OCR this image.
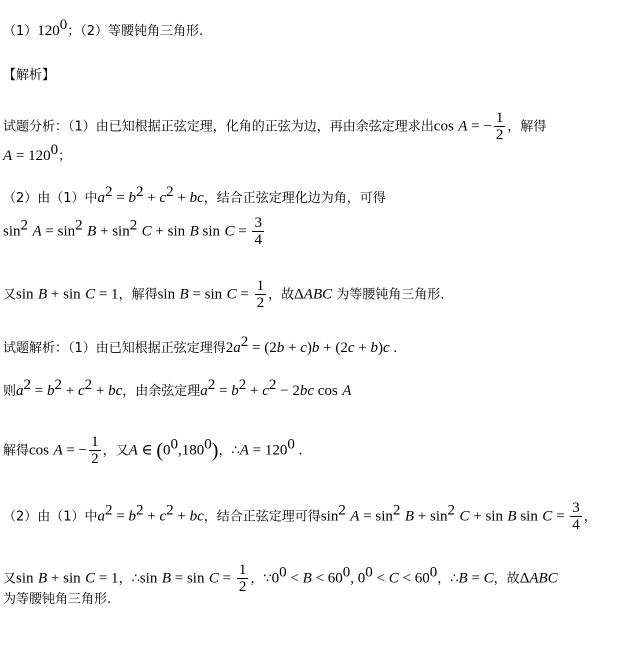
$(1)120^0$；（2）等腰钝角三角形.
【解析】
试题分析：（1）由已知根据正弦定理，化角的正弦为边，再由余弦定理求出cos A = − $\frac{1}{2}$ ，解得
$A = 120^0$；
（2）由（1）中$a^2 = b^2 + c^2$ + bc，结合正弦定理化边为角，可得
$\sin^2 A = \sin^2 B + \sin^2 C + \sin B$ $\sin C = \frac{3}{4}$
又sin B + sin C = 1，解得$\sin B = \sin C = \frac{1}{2}$ ，故ΔABC 为等腰钝角三角形.
试题解析：（1）由已知根据正弦定理得$2a^2 = (2b + c)b + (2c + b)c$ .
则$a^2 = b^2 + c^2$ + bc，由余弦定理$a^2 = b^2 + c^2 - 2bc$ cos A
解得cos A = − $\frac{1}{2}$ ，又A ∈ $(0^0,180^0)$，∴A = $120^0$ .
（2）由（1）中$a^2 = b^2 + c^2$ + bc，结合正弦定理可得$\sin^2 A = \sin^2 B + \sin^2 C + \sin B$ $\sin C = \frac{3}{4}$ ，
又sin B + sin C = 1，∴sin $B = \sin C = \frac{1}{2}$ ，$\because 0^0 < B < 60^0$, $0^0 < C < 60^0$，∴B = C，故ΔABC
为等腰钝角三角形.
